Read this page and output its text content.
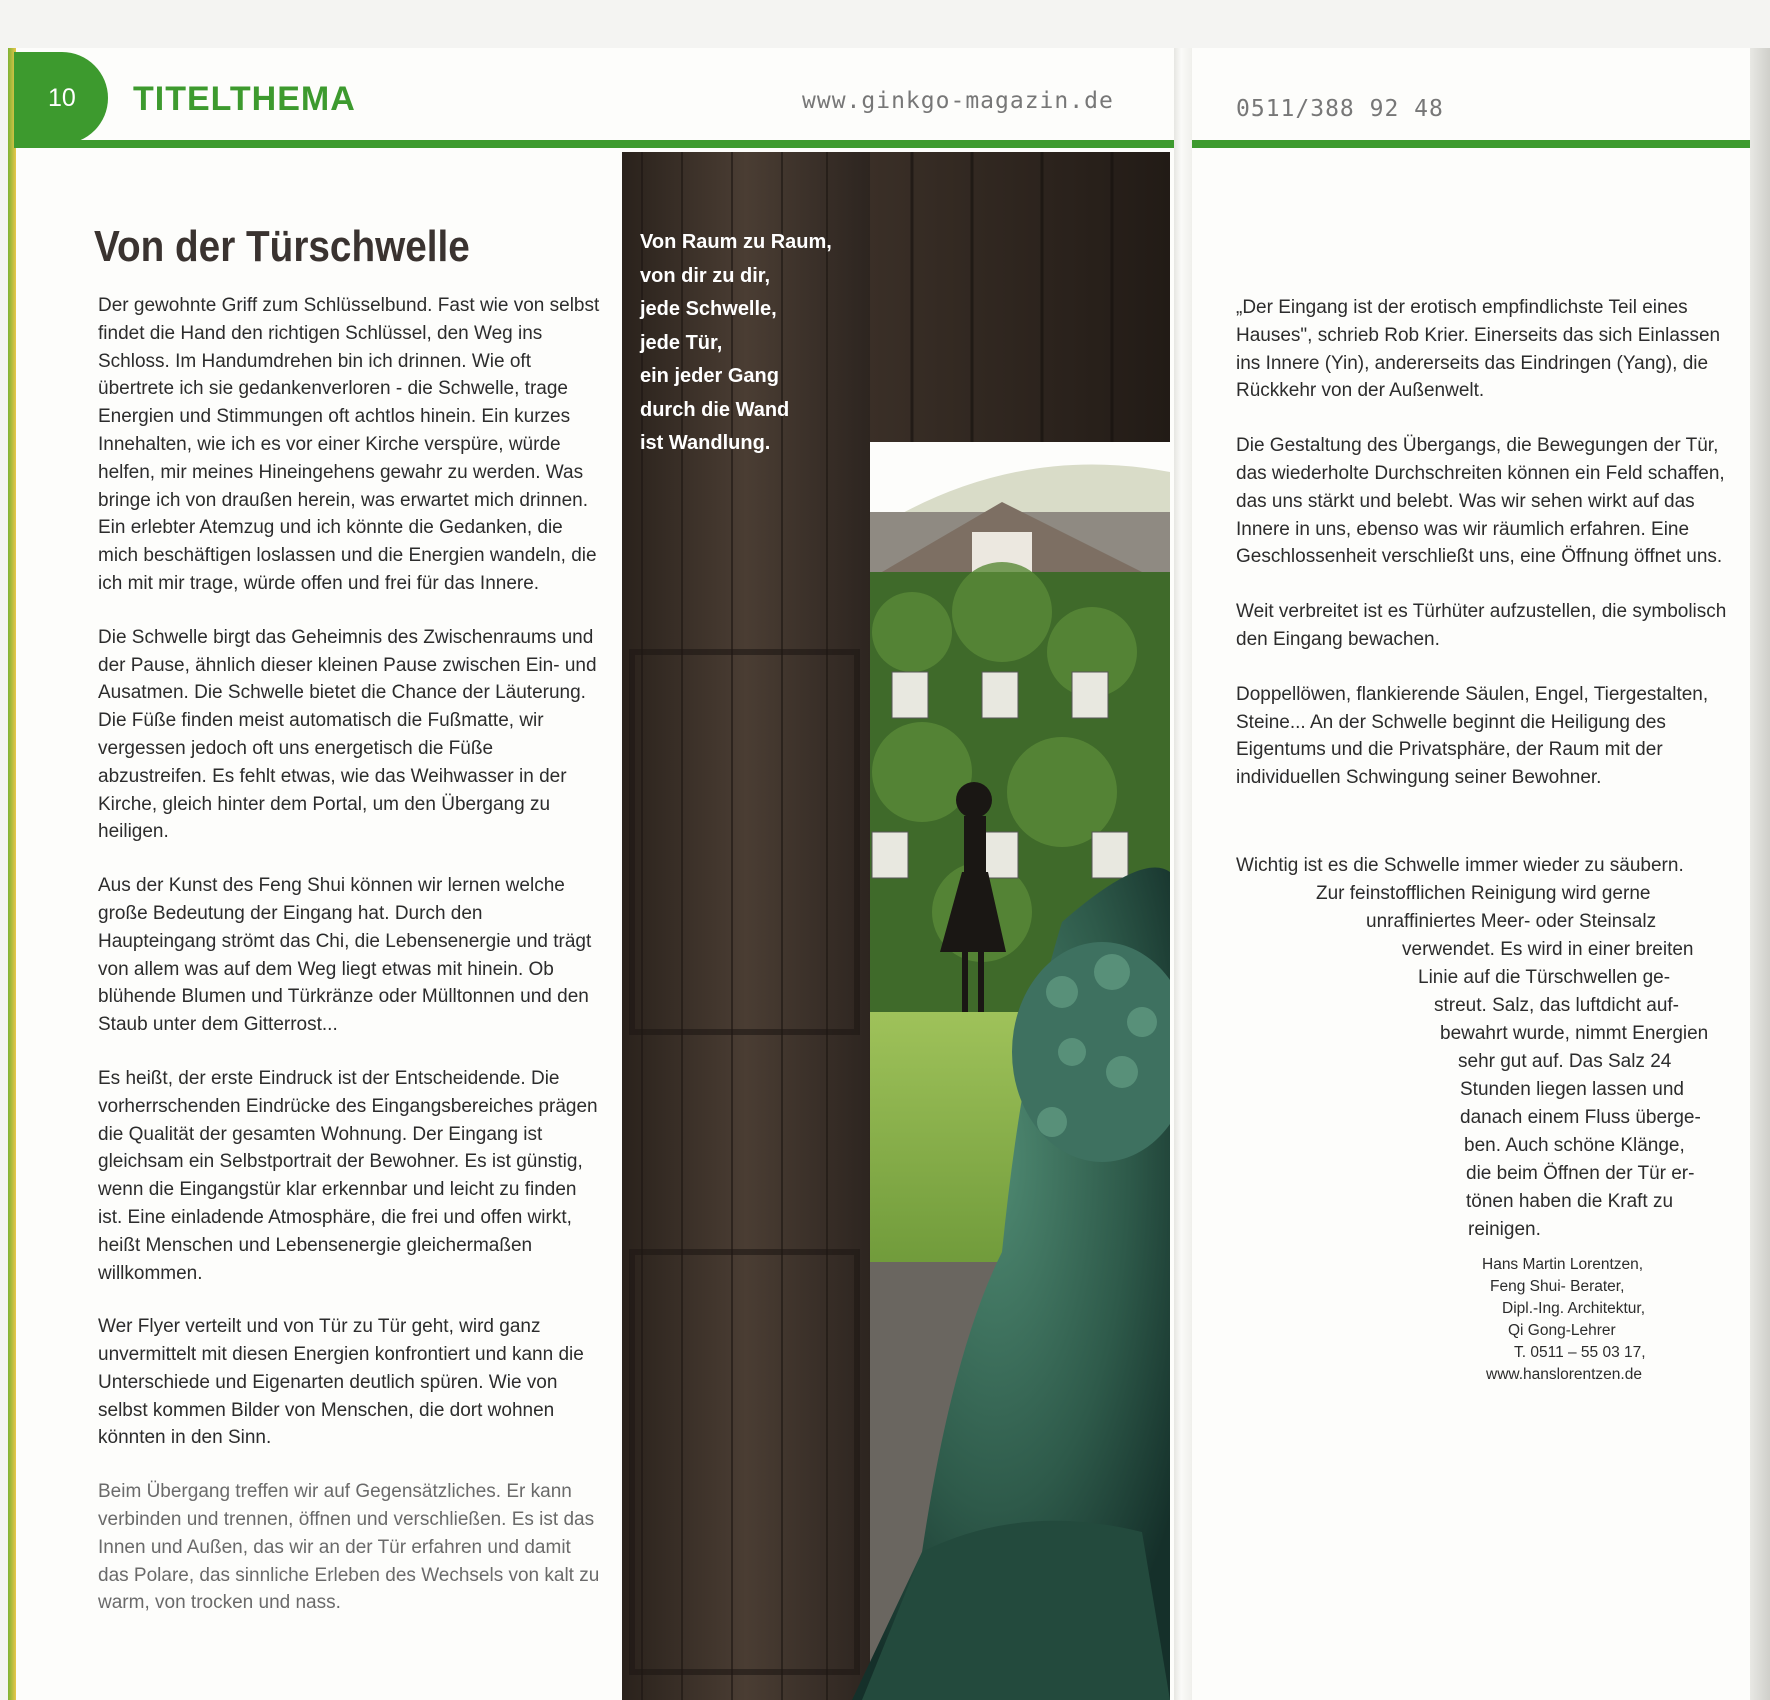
10	TITELTHEMA	www.ginkgo-magazin.de	0511/388 92 48
Von der Türschwelle

Der gewohnte Griff zum Schlüsselbund. Fast wie von selbst findet die Hand den richtigen Schlüssel, den Weg ins Schloss. Im Handumdrehen bin ich drinnen. Wie oft übertrete ich sie gedankenverloren - die Schwelle, trage Energien und Stimmungen oft achtlos hinein. Ein kurzes Innehalten, wie ich es vor einer Kirche verspüre, würde helfen, mir meines Hineingehens gewahr zu werden. Was bringe ich von draußen herein, was erwartet mich drinnen. Ein erlebter Atemzug und ich könnte die Gedanken, die mich beschäftigen loslassen und die Energien wandeln, die ich mit mir trage, würde offen und frei für das Innere.

Die Schwelle birgt das Geheimnis des Zwischenraums und der Pause, ähnlich dieser kleinen Pause zwischen Ein- und Ausatmen. Die Schwelle bietet die Chance der Läuterung. Die Füße finden meist automatisch die Fußmatte, wir vergessen jedoch oft uns energetisch die Füße abzustreifen. Es fehlt etwas, wie das Weihwasser in der Kirche, gleich hinter dem Portal, um den Übergang zu heiligen.

Aus der Kunst des Feng Shui können wir lernen welche große Bedeutung der Eingang hat. Durch den Haupteingang strömt das Chi, die Lebensenergie und trägt von allem was auf dem Weg liegt etwas mit hinein. Ob blühende Blumen und Türkränze oder Mülltonnen und den Staub unter dem Gitterrost...

Es heißt, der erste Eindruck ist der Entscheidende. Die vorherrschenden Eindrücke des Eingangsbereiches prägen die Qualität der gesamten Wohnung. Der Eingang ist gleichsam ein Selbstportrait der Bewohner. Es ist günstig, wenn die Eingangstür klar erkennbar und leicht zu finden ist. Eine einladende Atmosphäre, die frei und offen wirkt, heißt Menschen und Lebensenergie gleichermaßen willkommen.

Wer Flyer verteilt und von Tür zu Tür geht, wird ganz unvermittelt mit diesen Energien konfrontiert und kann die Unterschiede und Eigenarten deutlich spüren. Wie von selbst kommen Bilder von Menschen, die dort wohnen könnten in den Sinn.

Beim Übergang treffen wir auf Gegensätzliches. Er kann verbinden und trennen, öffnen und verschließen. Es ist das Innen und Außen, das wir an der Tür erfahren und damit das Polare, das sinnliche Erleben des Wechsels von kalt zu warm, von trocken und nass.

Von Raum zu Raum,
von dir zu dir,
jede Schwelle,
jede Tür,
ein jeder Gang
durch die Wand
ist Wandlung.

„Der Eingang ist der erotisch empfindlichste Teil eines Hauses", schrieb Rob Krier. Einerseits das sich Einlassen ins Innere (Yin), andererseits das Eindringen (Yang), die Rückkehr von der Außenwelt.

Die Gestaltung des Übergangs, die Bewegungen der Tür, das wiederholte Durchschreiten können ein Feld schaffen, das uns stärkt und belebt. Was wir sehen wirkt auf das Innere in uns, ebenso was wir räumlich erfahren. Eine Geschlossenheit verschließt uns, eine Öffnung öffnet uns.

Weit verbreitet ist es Türhüter aufzustellen, die symbolisch den Eingang bewachen.

Doppellöwen, flankierende Säulen, Engel, Tiergestalten, Steine... An der Schwelle beginnt die Heiligung des Eigentums und die Privatsphäre, der Raum mit der individuellen Schwingung seiner Bewohner.

Wichtig ist es die Schwelle immer wieder zu säubern.
Zur feinstofflichen Reinigung wird gerne
unraffiniertes Meer- oder Steinsalz
verwendet. Es wird in einer breiten
Linie auf die Türschwellen ge-
streut. Salz, das luftdicht auf-
bewahrt wurde, nimmt Energien
sehr gut auf. Das Salz 24
Stunden liegen lassen und
danach einem Fluss überge-
ben. Auch schöne Klänge,
die beim Öffnen der Tür er-
tönen haben die Kraft zu
reinigen.
Hans Martin Lorentzen,
Feng Shui- Berater,
Dipl.-Ing. Architektur,
Qi Gong-Lehrer
T. 0511 – 55 03 17,
www.hanslorentzen.de
